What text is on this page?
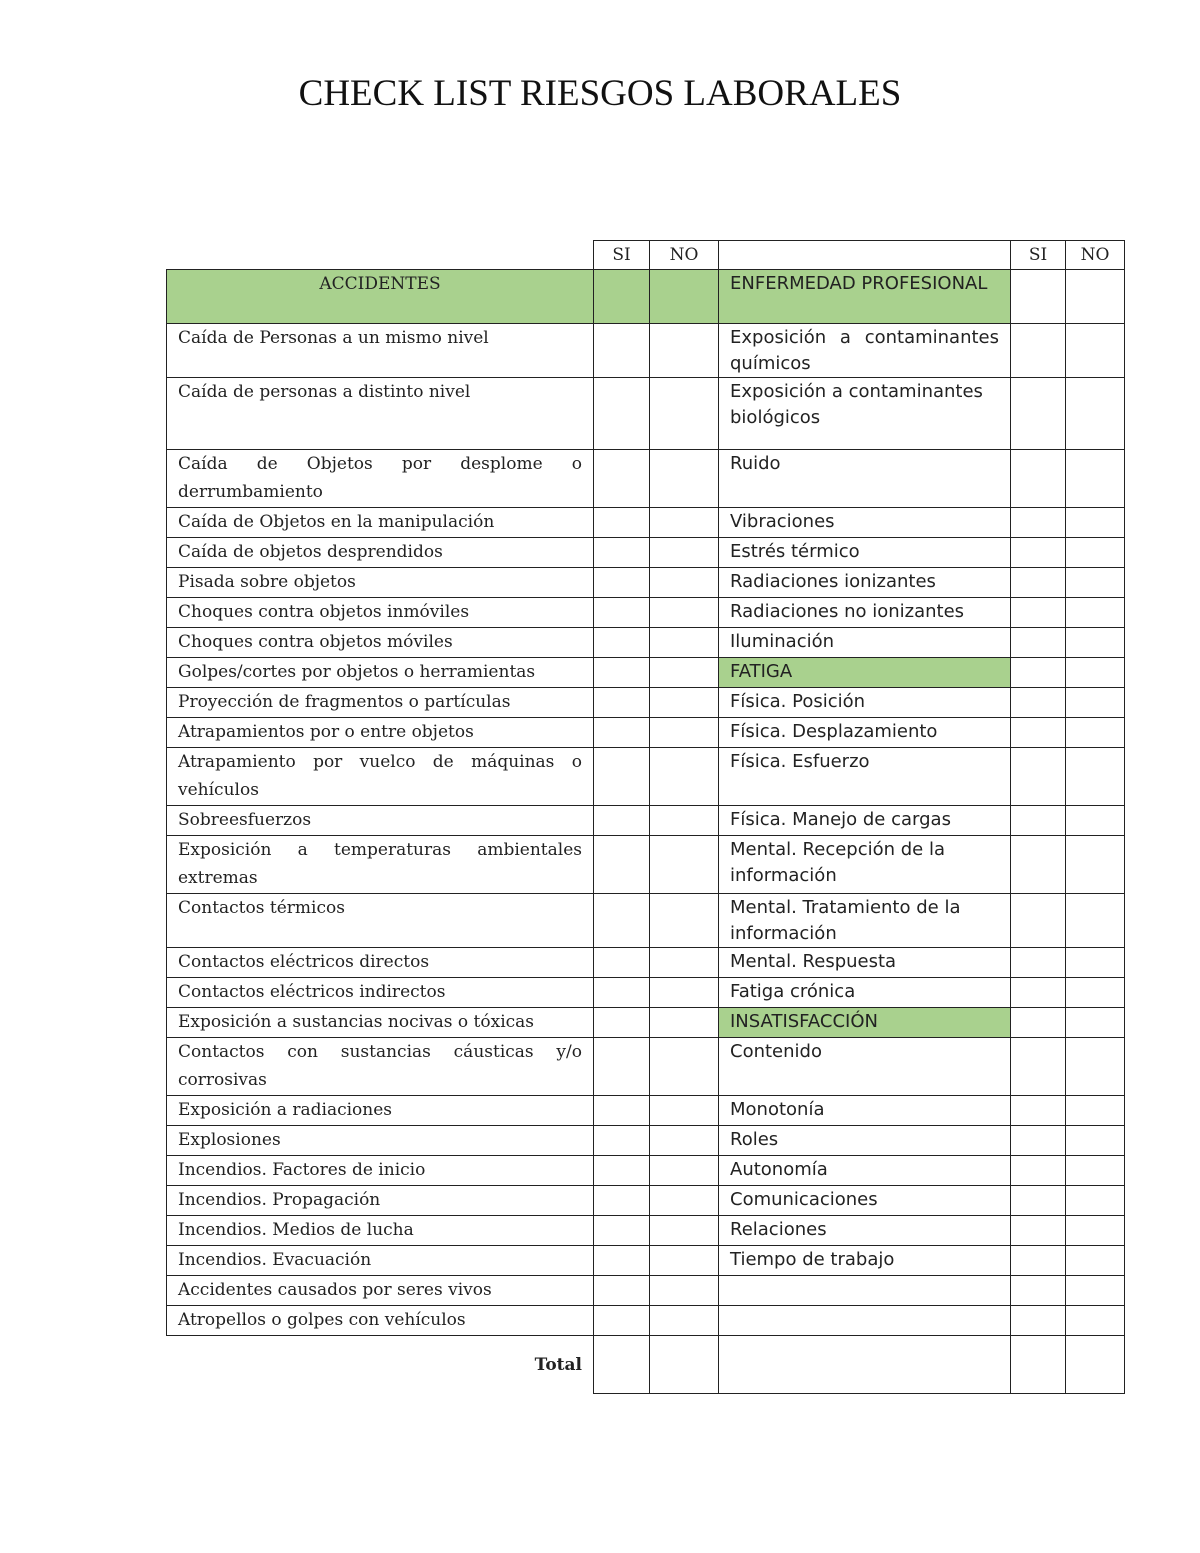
CHECK LIST RIESGOS LABORALES
	SI	NO		SI	NO
ACCIDENTES			ENFERMEDAD PROFESIONAL		
Caída de Personas a un mismo nivel			Exposición a contaminantes químicos		
Caída de personas a distinto nivel			Exposición a contaminantes biológicos		
Caída de Objetos por desplome o derrumbamiento			Ruido		
Caída de Objetos en la manipulación			Vibraciones		
Caída de objetos desprendidos			Estrés térmico		
Pisada sobre objetos			Radiaciones ionizantes		
Choques contra objetos inmóviles			Radiaciones no ionizantes		
Choques contra objetos móviles			Iluminación		
Golpes/cortes por objetos o herramientas			FATIGA		
Proyección de fragmentos o partículas			Física. Posición		
Atrapamientos por o entre objetos			Física. Desplazamiento		
Atrapamiento por vuelco de máquinas o vehículos			Física. Esfuerzo		
Sobreesfuerzos			Física. Manejo de cargas		
Exposición a temperaturas ambientales extremas			Mental. Recepción de la información		
Contactos térmicos			Mental. Tratamiento de la información		
Contactos eléctricos directos			Mental. Respuesta		
Contactos eléctricos indirectos			Fatiga crónica		
Exposición a sustancias nocivas o tóxicas			INSATISFACCIÓN		
Contactos con sustancias cáusticas y/o corrosivas			Contenido		
Exposición a radiaciones			Monotonía		
Explosiones			Roles		
Incendios. Factores de inicio			Autonomía		
Incendios. Propagación			Comunicaciones		
Incendios. Medios de lucha			Relaciones		
Incendios. Evacuación			Tiempo de trabajo		
Accidentes causados por seres vivos					
Atropellos o golpes con vehículos					
Total					
